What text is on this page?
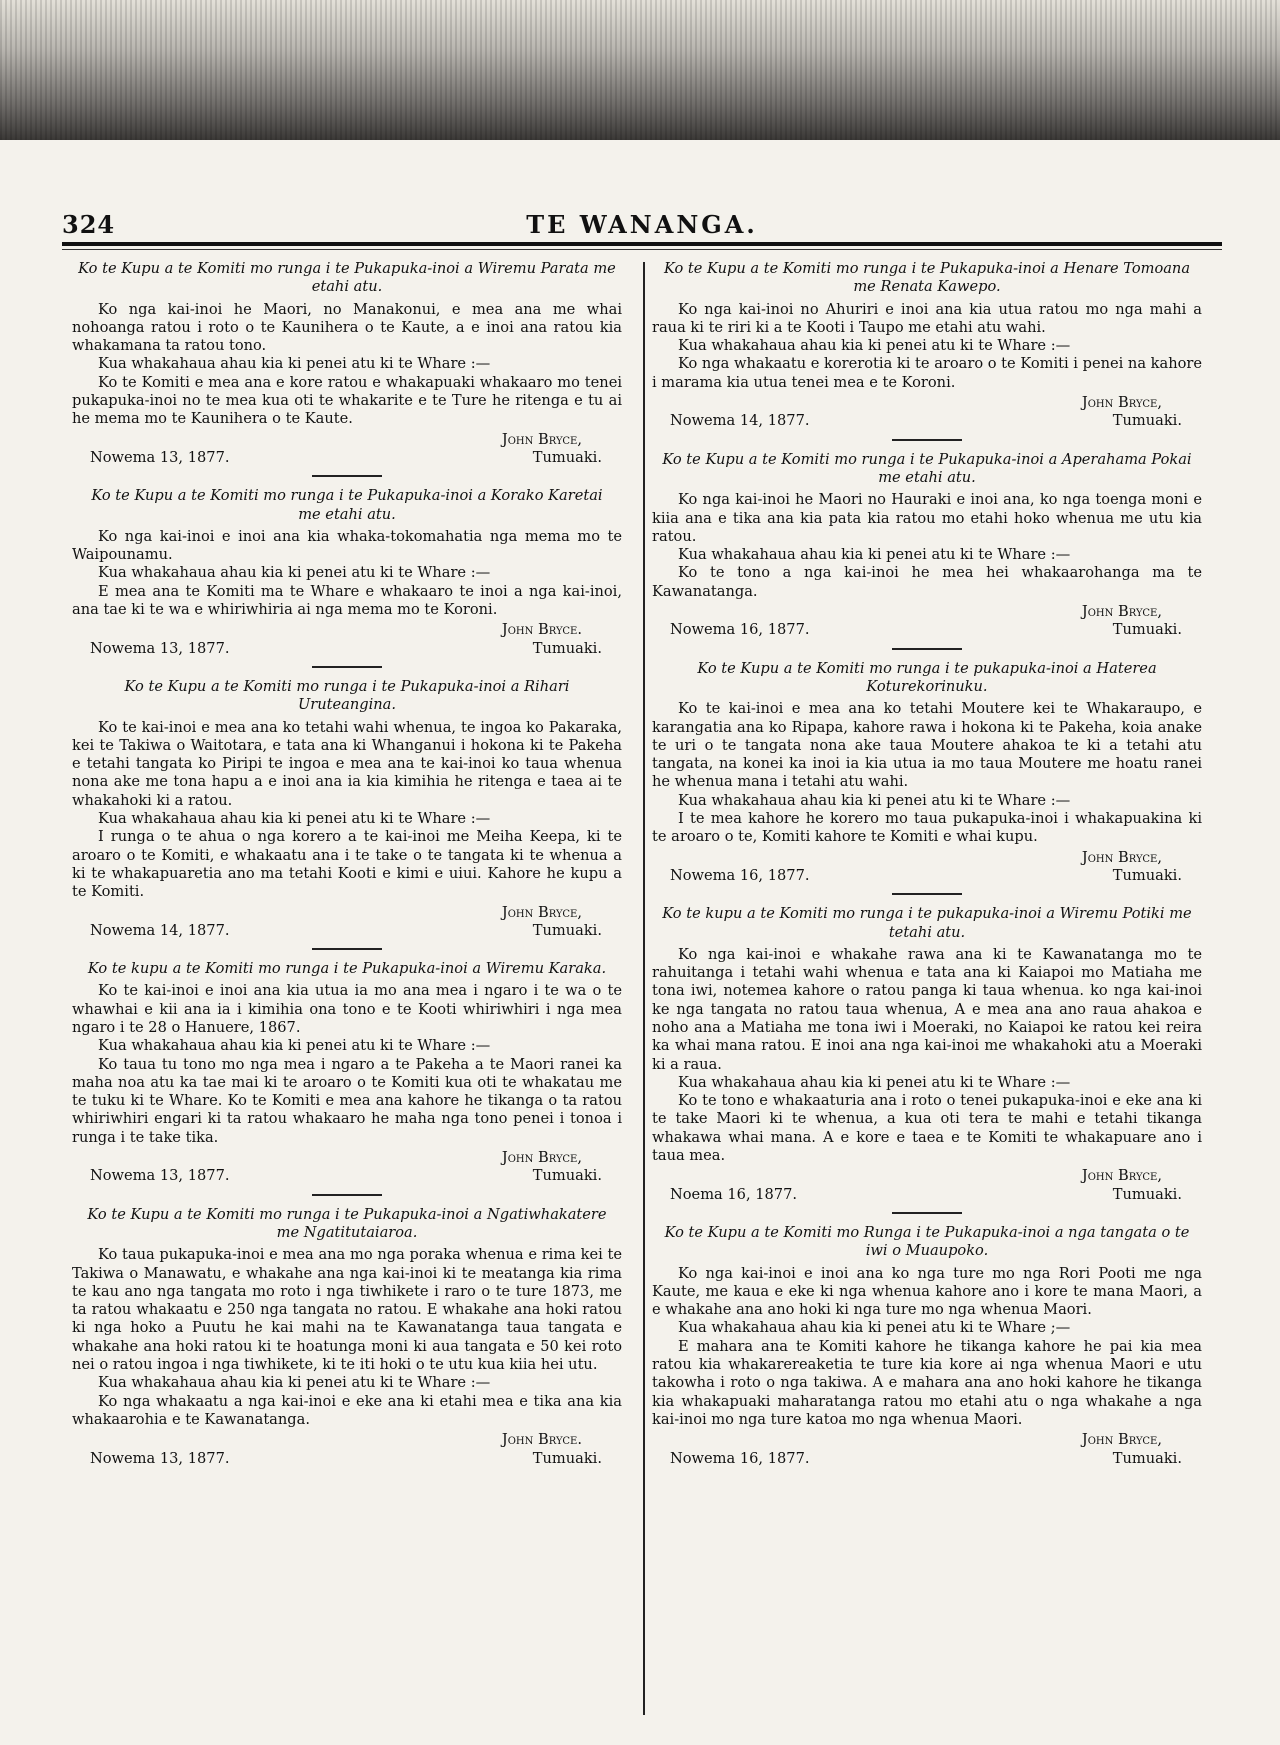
324	TE WANANGA.
Ko te Kupu a te Komiti mo runga i te Pukapuka-inoi a Wiremu Parata me etahi atu.

Ko nga kai-inoi he Maori, no Manakonui, e mea ana me whai nohoanga ratou i roto o te Kaunihera o te Kaute, a e inoi ana ratou kia whakamana ta ratou tono.

Kua whakahaua ahau kia ki penei atu ki te Whare :—

Ko te Komiti e mea ana e kore ratou e whakapuaki whakaaro mo tenei pukapuka-inoi no te mea kua oti te whakarite e te Ture he ritenga e tu ai he mema mo te Kaunihera o te Kaute.

John Bryce,
Nowema 13, 1877.	Tumuaki.
Ko te Kupu a te Komiti mo runga i te Pukapuka-inoi a Korako Karetai me etahi atu.

Ko nga kai-inoi e inoi ana kia whaka-tokomahatia nga mema mo te Waipounamu.

Kua whakahaua ahau kia ki penei atu ki te Whare :—

E mea ana te Komiti ma te Whare e whakaaro te inoi a nga kai-inoi, ana tae ki te wa e whiriwhiria ai nga mema mo te Koroni.

John Bryce.
Nowema 13, 1877.	Tumuaki.
Ko te Kupu a te Komiti mo runga i te Pukapuka-inoi a Rihari Uruteangina.

Ko te kai-inoi e mea ana ko tetahi wahi whenua, te ingoa ko Pakaraka, kei te Takiwa o Waitotara, e tata ana ki Whanganui i hokona ki te Pakeha e tetahi tangata ko Piripi te ingoa e mea ana te kai-inoi ko taua whenua nona ake me tona hapu a e inoi ana ia kia kimihia he ritenga e taea ai te whakahoki ki a ratou.

Kua whakahaua ahau kia ki penei atu ki te Whare :—

I runga o te ahua o nga korero a te kai-inoi me Meiha Keepa, ki te aroaro o te Komiti, e whakaatu ana i te take o te tangata ki te whenua a ki te whakapuaretia ano ma tetahi Kooti e kimi e uiui. Kahore he kupu a te Komiti.

John Bryce,
Nowema 14, 1877.	Tumuaki.
Ko te kupu a te Komiti mo runga i te Pukapuka-inoi a Wiremu Karaka.

Ko te kai-inoi e inoi ana kia utua ia mo ana mea i ngaro i te wa o te whawhai e kii ana ia i kimihia ona tono e te Kooti whiriwhiri i nga mea ngaro i te 28 o Hanuere, 1867.

Kua whakahaua ahau kia ki penei atu ki te Whare :—

Ko taua tu tono mo nga mea i ngaro a te Pakeha a te Maori ranei ka maha noa atu ka tae mai ki te aroaro o te Komiti kua oti te whakatau me te tuku ki te Whare. Ko te Komiti e mea ana kahore he tikanga o ta ratou whiriwhiri engari ki ta ratou whakaaro he maha nga tono penei i tonoa i runga i te take tika.

John Bryce,
Nowema 13, 1877.	Tumuaki.
Ko te Kupu a te Komiti mo runga i te Pukapuka-inoi a Ngatiwhakatere me Ngatitutaiaroa.

Ko taua pukapuka-inoi e mea ana mo nga poraka whenua e rima kei te Takiwa o Manawatu, e whakahe ana nga kai-inoi ki te meatanga kia rima te kau ano nga tangata mo roto i nga tiwhikete i raro o te ture 1873, me ta ratou whakaatu e 250 nga tangata no ratou. E whakahe ana hoki ratou ki nga hoko a Puutu he kai mahi na te Kawanatanga taua tangata e whakahe ana hoki ratou ki te hoatunga moni ki aua tangata e 50 kei roto nei o ratou ingoa i nga tiwhikete, ki te iti hoki o te utu kua kiia hei utu.

Kua whakahaua ahau kia ki penei atu ki te Whare :—

Ko nga whakaatu a nga kai-inoi e eke ana ki etahi mea e tika ana kia whakaarohia e te Kawanatanga.

John Bryce.
Nowema 13, 1877.	Tumuaki.
Ko te Kupu a te Komiti mo runga i te Pukapuka-inoi a Henare Tomoana me Renata Kawepo.

Ko nga kai-inoi no Ahuriri e inoi ana kia utua ratou mo nga mahi a raua ki te riri ki a te Kooti i Taupo me etahi atu wahi.

Kua whakahaua ahau kia ki penei atu ki te Whare :—

Ko nga whakaatu e korerotia ki te aroaro o te Komiti i penei na kahore i marama kia utua tenei mea e te Koroni.

John Bryce,
Nowema 14, 1877.	Tumuaki.
Ko te Kupu a te Komiti mo runga i te Pukapuka-inoi a Aperahama Pokai me etahi atu.

Ko nga kai-inoi he Maori no Hauraki e inoi ana, ko nga toenga moni e kiia ana e tika ana kia pata kia ratou mo etahi hoko whenua me utu kia ratou.

Kua whakahaua ahau kia ki penei atu ki te Whare :—

Ko te tono a nga kai-inoi he mea hei whakaarohanga ma te Kawanatanga.

John Bryce,
Nowema 16, 1877.	Tumuaki.
Ko te Kupu a te Komiti mo runga i te pukapuka-inoi a Haterea Koturekorinuku.

Ko te kai-inoi e mea ana ko tetahi Moutere kei te Whakaraupo, e karangatia ana ko Ripapa, kahore rawa i hokona ki te Pakeha, koia anake te uri o te tangata nona ake taua Moutere ahakoa te ki a tetahi atu tangata, na konei ka inoi ia kia utua ia mo taua Moutere me hoatu ranei he whenua mana i tetahi atu wahi.

Kua whakahaua ahau kia ki penei atu ki te Whare :—

I te mea kahore he korero mo taua pukapuka-inoi i whakapuakina ki te aroaro o te, Komiti kahore te Komiti e whai kupu.

John Bryce,
Nowema 16, 1877.	Tumuaki.
Ko te kupu a te Komiti mo runga i te pukapuka-inoi a Wiremu Potiki me tetahi atu.

Ko nga kai-inoi e whakahe rawa ana ki te Kawanatanga mo te rahuitanga i tetahi wahi whenua e tata ana ki Kaiapoi mo Matiaha me tona iwi, notemea kahore o ratou panga ki taua whenua. ko nga kai-inoi ke nga tangata no ratou taua whenua, A e mea ana ano raua ahakoa e noho ana a Matiaha me tona iwi i Moeraki, no Kaiapoi ke ratou kei reira ka whai mana ratou. E inoi ana nga kai-inoi me whakahoki atu a Moeraki ki a raua.

Kua whakahaua ahau kia ki penei atu ki te Whare :—

Ko te tono e whakaaturia ana i roto o tenei pukapuka-inoi e eke ana ki te take Maori ki te whenua, a kua oti tera te mahi e tetahi tikanga whakawa whai mana. A e kore e taea e te Komiti te whakapuare ano i taua mea.

John Bryce,
Noema 16, 1877.	Tumuaki.
Ko te Kupu a te Komiti mo Runga i te Pukapuka-inoi a nga tangata o te iwi o Muaupoko.

Ko nga kai-inoi e inoi ana ko nga ture mo nga Rori Pooti me nga Kaute, me kaua e eke ki nga whenua kahore ano i kore te mana Maori, a e whakahe ana ano hoki ki nga ture mo nga whenua Maori.

Kua whakahaua ahau kia ki penei atu ki te Whare ;—

E mahara ana te Komiti kahore he tikanga kahore he pai kia mea ratou kia whakarereaketia te ture kia kore ai nga whenua Maori e utu takowha i roto o nga takiwa. A e mahara ana ano hoki kahore he tikanga kia whakapuaki maharatanga ratou mo etahi atu o nga whakahe a nga kai-inoi mo nga ture katoa mo nga whenua Maori.

John Bryce,
Nowema 16, 1877.	Tumuaki.
